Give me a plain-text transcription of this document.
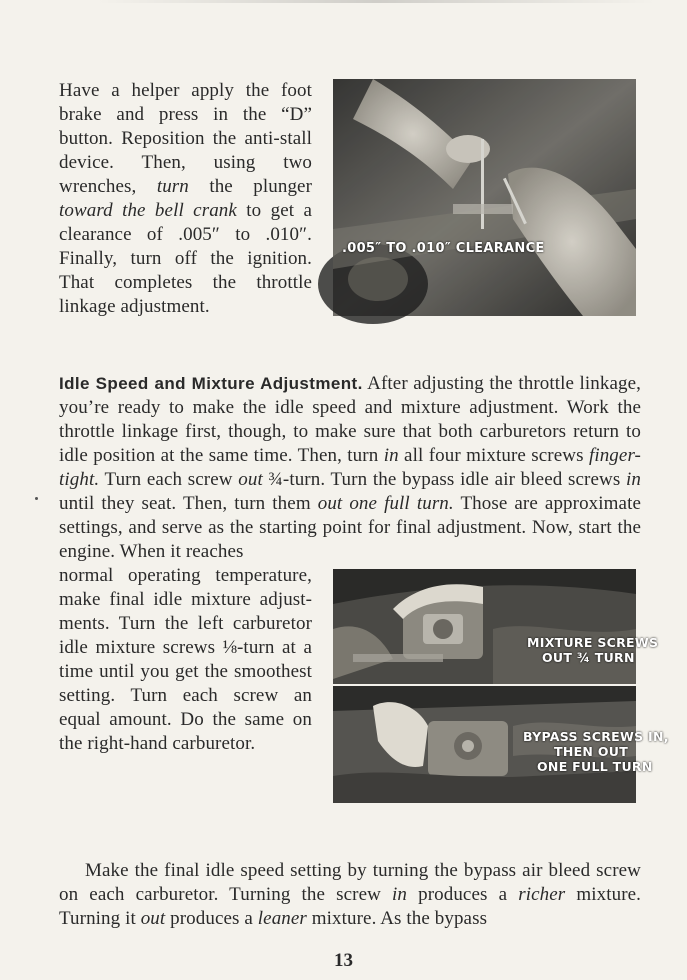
Have a helper apply the foot brake and press in the “D” button. Reposition the anti-stall device. Then, using two wrenches, turn the plunger toward the bell crank to get a clearance of .005″ to .010″. Finally, turn off the ignition. That completes the throttle linkage adjustment.
.005″ TO .010″ CLEARANCE
Idle Speed and Mixture Adjustment. After adjusting the throttle linkage, you’re ready to make the idle speed and mixture adjustment. Work the throttle linkage first, though, to make sure that both carburetors return to idle position at the same time. Then, turn in all four mixture screws finger-tight. Turn each screw out ¾-turn. Turn the bypass idle air bleed screws in until they seat. Then, turn them out one full turn. Those are approximate settings, and serve as the starting point for final adjustment. Now, start the engine. When it reaches
normal operating temperature, make final idle mixture adjustments. Turn the left carburetor idle mixture screws ⅛-turn at a time until you get the smoothest setting. Turn each screw an equal amount. Do the same on the right-hand carburetor.
MIXTURE SCREWS
OUT ¾ TURN
BYPASS SCREWS IN,
THEN OUT
ONE FULL TURN
Make the final idle speed setting by turning the bypass air bleed screw on each carburetor. Turning the screw in produces a richer mixture. Turning it out produces a leaner mixture. As the bypass
13
